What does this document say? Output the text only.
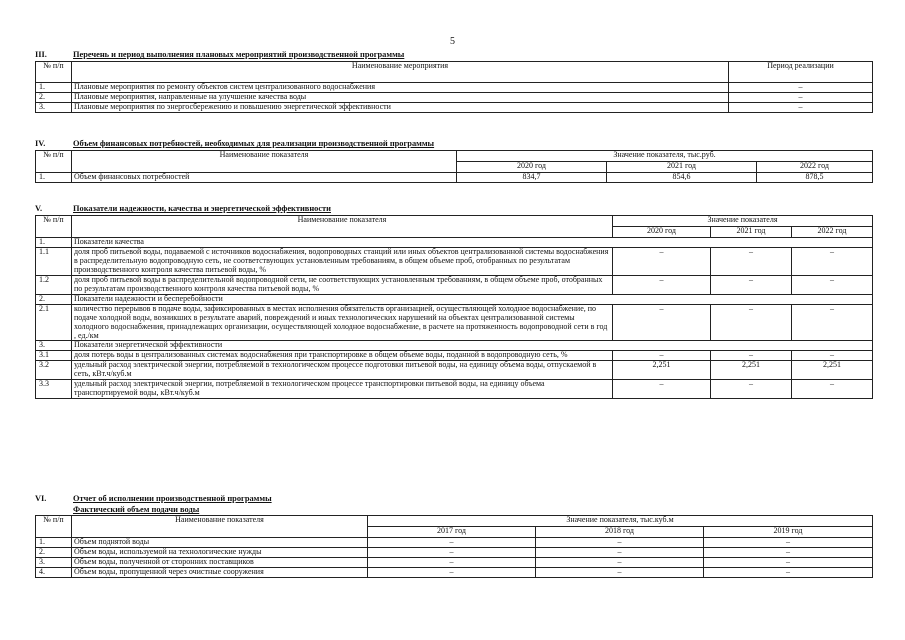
5
III.	Перечень и период выполнения плановых мероприятий производственной программы
№ п/п	Наименование мероприятия	Период реализации
1.	Плановые мероприятия по ремонту объектов систем централизованного водоснабжения	–
2.	Плановые мероприятия, направленные на улучшение качества воды	–
3.	Плановые мероприятия по энергосбережению и повышению энергетической эффективности	–
IV.	Объем финансовых потребностей, необходимых для реализации производственной программы
№ п/п	Наименование показателя	Значение показателя, тыс.руб.		
		2020 год	2021 год	2022 год
1.	Объем финансовых потребностей	834,7	854,6	878,5
V.	Показатели надежности, качества и энергетической эффективности
№ п/п	Наименование показателя	Значение показателя		
		2020 год	2021 год	2022 год
1.	Показатели качества			
1.1	доля проб питьевой воды, подаваемой с источников водоснабжения, водопроводных станций или иных объектов централизованной системы водоснабжения в распределительную водопроводную сеть, не соответствующих установленным требованиям, в общем объеме проб, отобранных по результатам производственного контроля качества питьевой воды, %	–	–	–
1.2	доля проб питьевой воды в распределительной водопроводной сети, не соответствующих установленным требованиям, в общем объеме проб, отобранных по результатам производственного контроля качества питьевой воды, %	–	–	–
2.	Показатели надежности и бесперебойности			
2.1	количество перерывов в подаче воды, зафиксированных в местах исполнения обязательств организацией, осуществляющей холодное водоснабжение, по подаче холодной воды, возникших в результате аварий, повреждений и иных технологических нарушений на объектах централизованной системы холодного водоснабжения, принадлежащих организации, осуществляющей холодное водоснабжение, в расчете на протяженность водопроводной сети в год , ед./км	–	–	–
3.	Показатели энергетической эффективности			
3.1	доля потерь воды в централизованных системах водоснабжения при транспортировке в общем объеме воды, поданной в водопроводную сеть, %	–	–	–
3.2	удельный расход электрической энергии, потребляемой в технологическом процессе подготовки питьевой воды, на единицу объема воды, отпускаемой в сеть, кВт.ч/куб.м	2,251	2,251	2,251
3.3	удельный расход электрической энергии, потребляемой в технологическом процессе транспортировки питьевой воды, на единицу объема транспортируемой воды, кВт.ч/куб.м	–	–	–
VI.	Отчет об исполнении производственной программы
Фактический объем подачи воды
№ п/п	Наименование показателя	Значение показателя, тыс.куб.м		
		2017 год	2018 год	2019 год
1.	Объем поднятой воды	–	–	–
2.	Объем воды, используемой на технологические нужды	–	–	–
3.	Объем воды, полученной от сторонних поставщиков	–	–	–
4.	Объем воды, пропущенной через очистные сооружения	–	–	–
